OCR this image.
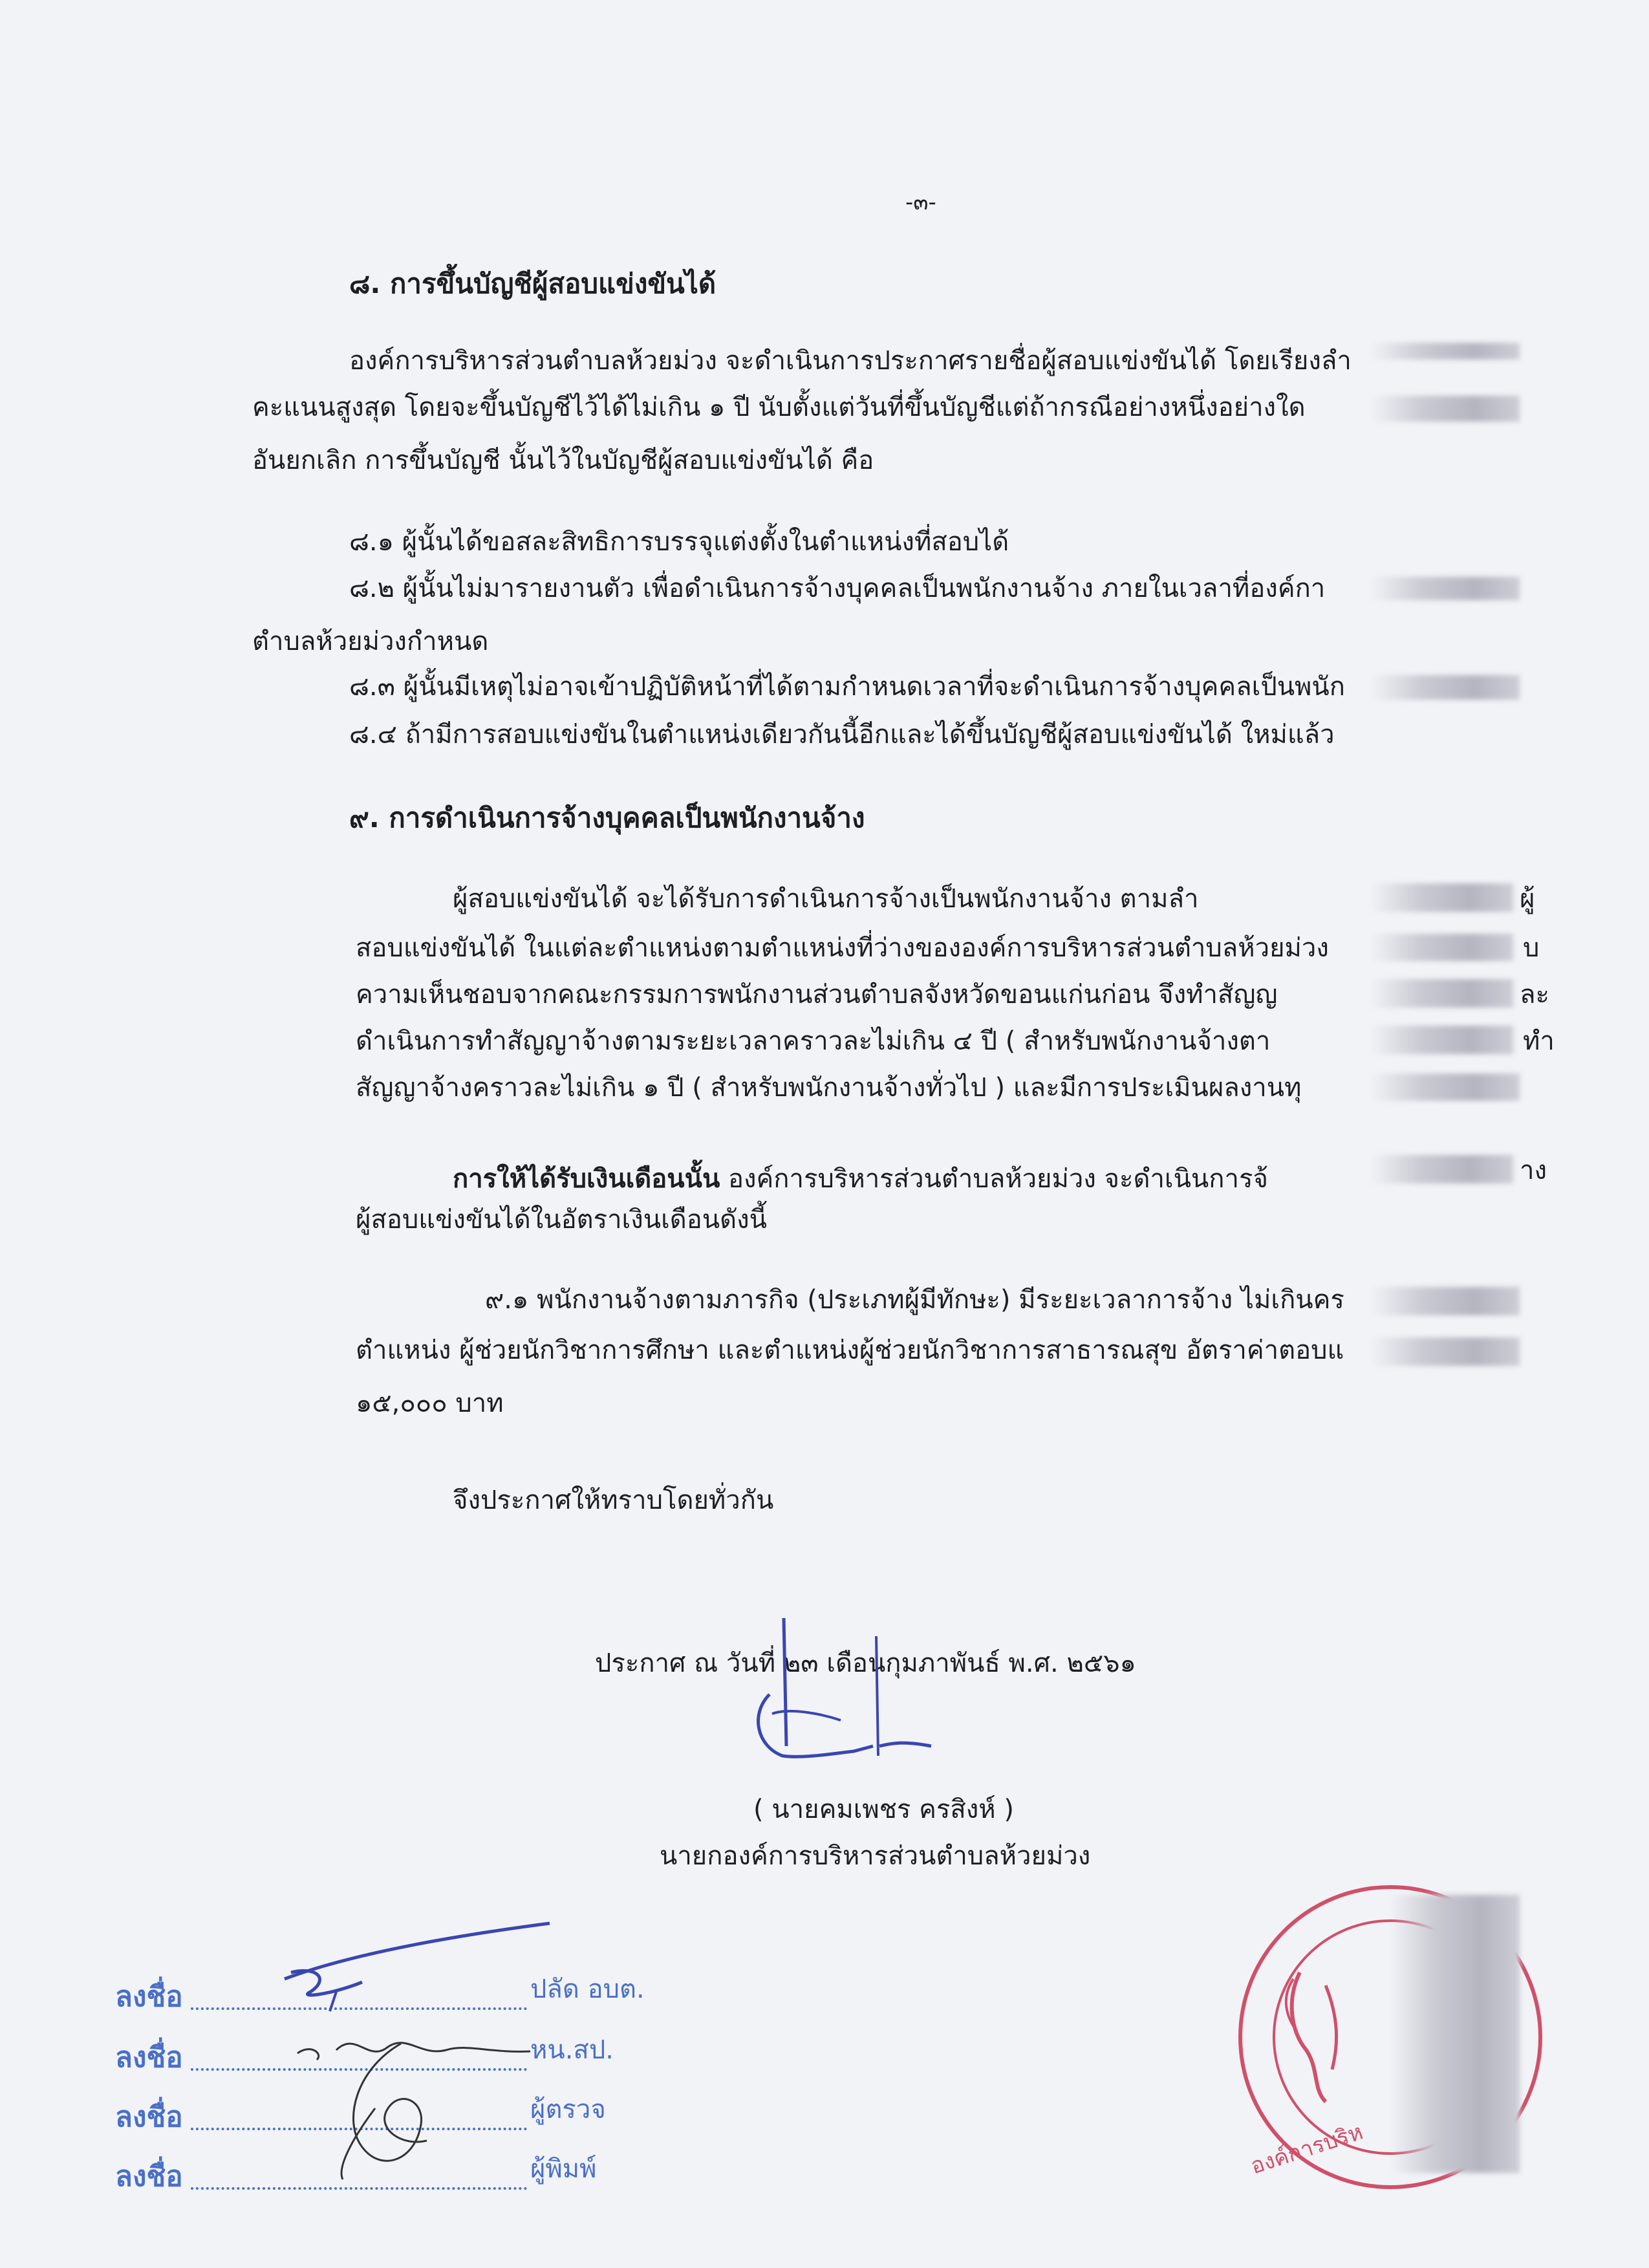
-๓-
๘. การขึ้นบัญชีผู้สอบแข่งขันได้
องค์การบริหารส่วนตำบลห้วยม่วง จะดำเนินการประกาศรายชื่อผู้สอบแข่งขันได้ โดยเรียงลำ
คะแนนสูงสุด โดยจะขึ้นบัญชีไว้ได้ไม่เกิน ๑ ปี นับตั้งแต่วันที่ขึ้นบัญชีแต่ถ้ากรณีอย่างหนึ่งอย่างใด
อันยกเลิก การขึ้นบัญชี นั้นไว้ในบัญชีผู้สอบแข่งขันได้ คือ
๘.๑ ผู้นั้นได้ขอสละสิทธิการบรรจุแต่งตั้งในตำแหน่งที่สอบได้
๘.๒ ผู้นั้นไม่มารายงานตัว เพื่อดำเนินการจ้างบุคคลเป็นพนักงานจ้าง ภายในเวลาที่องค์กา
ตำบลห้วยม่วงกำหนด
๘.๓ ผู้นั้นมีเหตุไม่อาจเข้าปฏิบัติหน้าที่ได้ตามกำหนดเวลาที่จะดำเนินการจ้างบุคคลเป็นพนัก
๘.๔ ถ้ามีการสอบแข่งขันในตำแหน่งเดียวกันนี้อีกและได้ขึ้นบัญชีผู้สอบแข่งขันได้ ใหม่แล้ว
๙. การดำเนินการจ้างบุคคลเป็นพนักงานจ้าง
ผู้สอบแข่งขันได้ จะได้รับการดำเนินการจ้างเป็นพนักงานจ้าง ตามลำ
สอบแข่งขันได้ ในแต่ละตำแหน่งตามตำแหน่งที่ว่างขององค์การบริหารส่วนตำบลห้วยม่วง
ความเห็นชอบจากคณะกรรมการพนักงานส่วนตำบลจังหวัดขอนแก่นก่อน จึงทำสัญญ
ดำเนินการทำสัญญาจ้างตามระยะเวลาคราวละไม่เกิน ๔ ปี ( สำหรับพนักงานจ้างตา
สัญญาจ้างคราวละไม่เกิน ๑ ปี ( สำหรับพนักงานจ้างทั่วไป ) และมีการประเมินผลงานทุ
ผู้
บ
ละ
ทำ
การให้ได้รับเงินเดือนนั้น องค์การบริหารส่วนตำบลห้วยม่วง จะดำเนินการจ้	าง
ผู้สอบแข่งขันได้ในอัตราเงินเดือนดังนี้
๙.๑ พนักงานจ้างตามภารกิจ (ประเภทผู้มีทักษะ) มีระยะเวลาการจ้าง ไม่เกินคร
ตำแหน่ง ผู้ช่วยนักวิชาการศึกษา และตำแหน่งผู้ช่วยนักวิชาการสาธารณสุข อัตราค่าตอบแ
๑๕,๐๐๐ บาท
จึงประกาศให้ทราบโดยทั่วกัน
ประกาศ ณ วันที่ ๒๓ เดือนกุมภาพันธ์ พ.ศ. ๒๕๖๑
( นายคมเพชร ครสิงห์ )
นายกองค์การบริหารส่วนตำบลห้วยม่วง
ลงชื่อ	ปลัด อบต.
ลงชื่อ	หน.สป.
ลงชื่อ	ผู้ตรวจ
ลงชื่อ	ผู้พิมพ์	องค์การบริห
